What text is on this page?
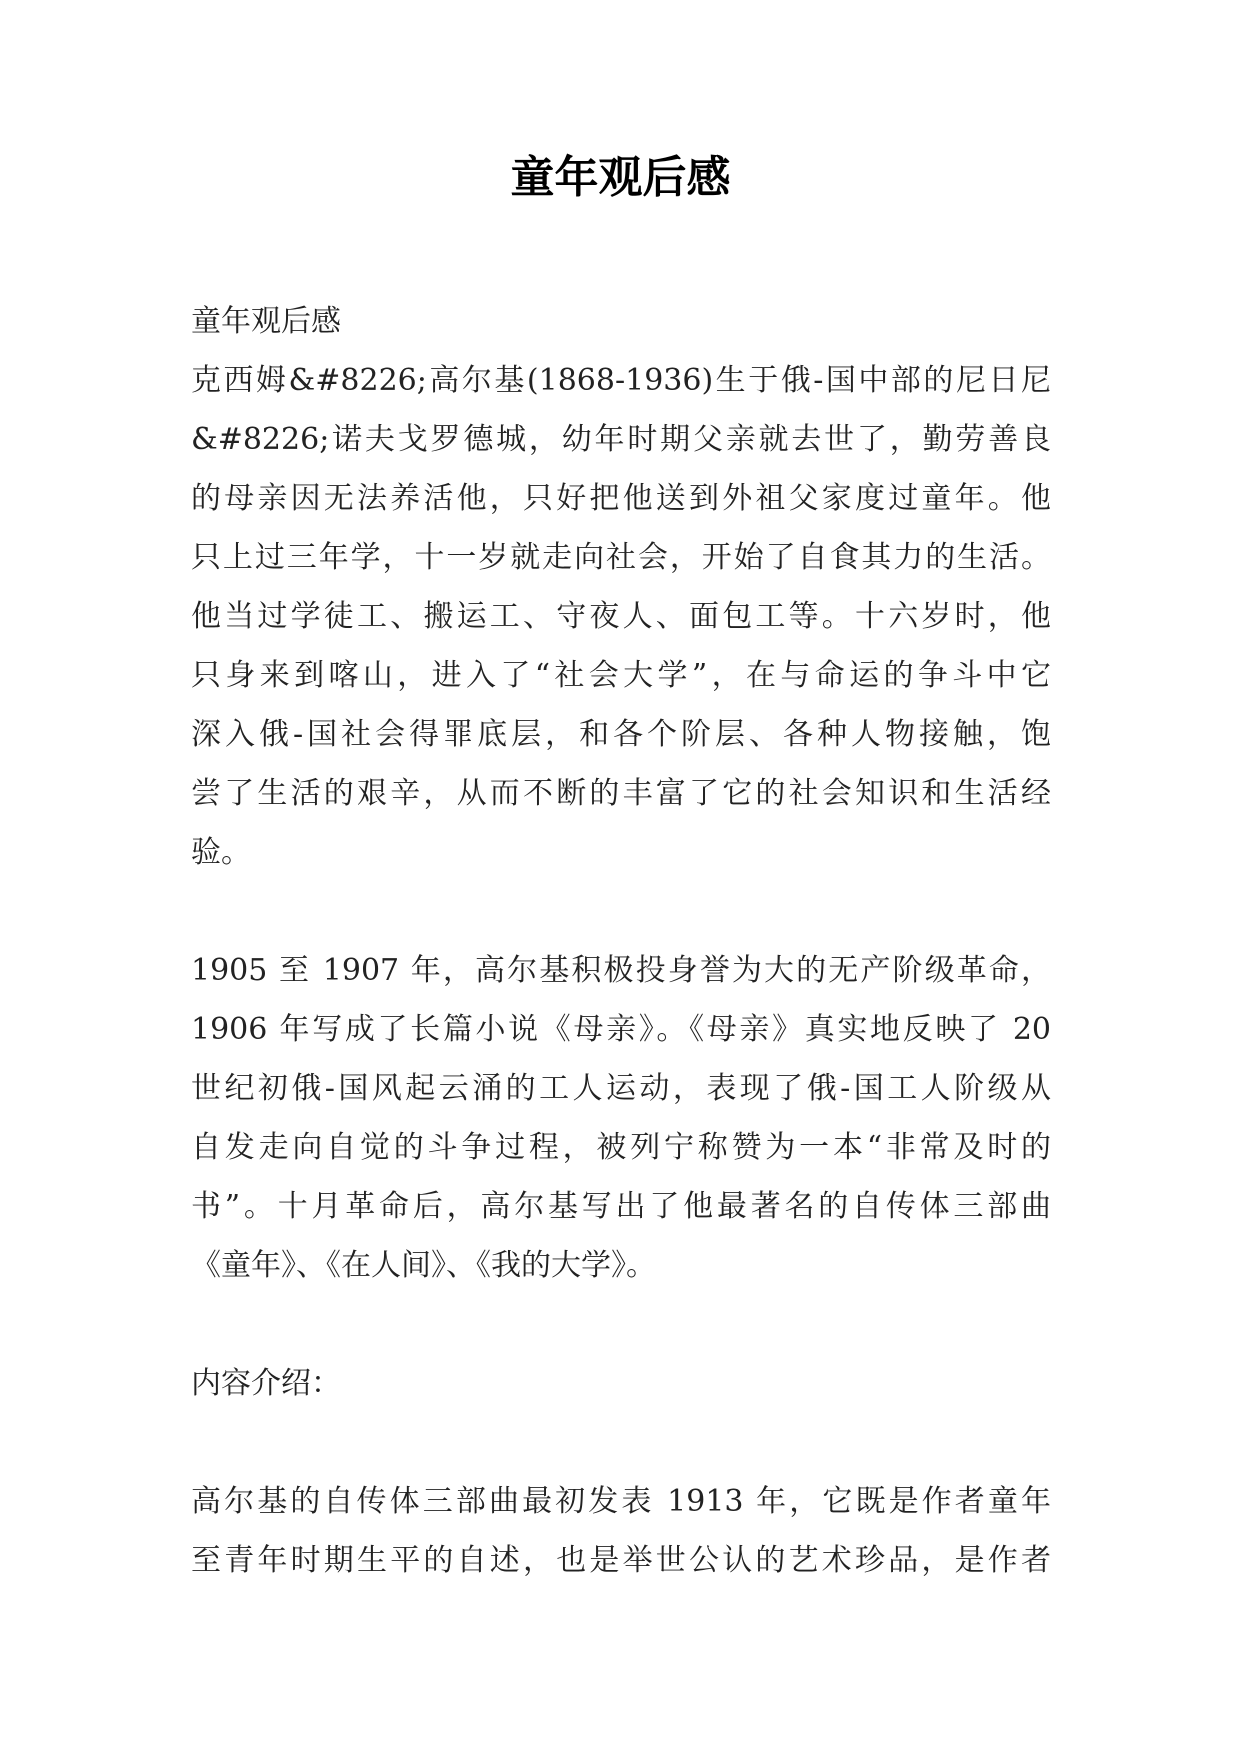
童年观后感
童年观后感
克西姆&#8226;高尔基(1868-1936)生于俄-国中部的尼日尼
&#8226;诺夫戈罗德城，幼年时期父亲就去世了，勤劳善良
的母亲因无法养活他，只好把他送到外祖父家度过童年。他
只上过三年学，十一岁就走向社会，开始了自食其力的生活。
他当过学徒工、搬运工、守夜人、面包工等。十六岁时，他
只身来到喀山，进入了“社会大学”，在与命运的争斗中它
深入俄-国社会得罪底层，和各个阶层、各种人物接触，饱
尝了生活的艰辛，从而不断的丰富了它的社会知识和生活经
验。
1905 至 1907 年，高尔基积极投身誉为大的无产阶级革命，
1906 年写成了长篇小说《母亲》。《母亲》真实地反映了 20
世纪初俄-国风起云涌的工人运动，表现了俄-国工人阶级从
自发走向自觉的斗争过程，被列宁称赞为一本“非常及时的
书”。十月革命后，高尔基写出了他最著名的自传体三部曲
《童年》、《在人间》、《我的大学》。
内容介绍：
高尔基的自传体三部曲最初发表 1913 年，它既是作者童年
至青年时期生平的自述，也是举世公认的艺术珍品，是作者
